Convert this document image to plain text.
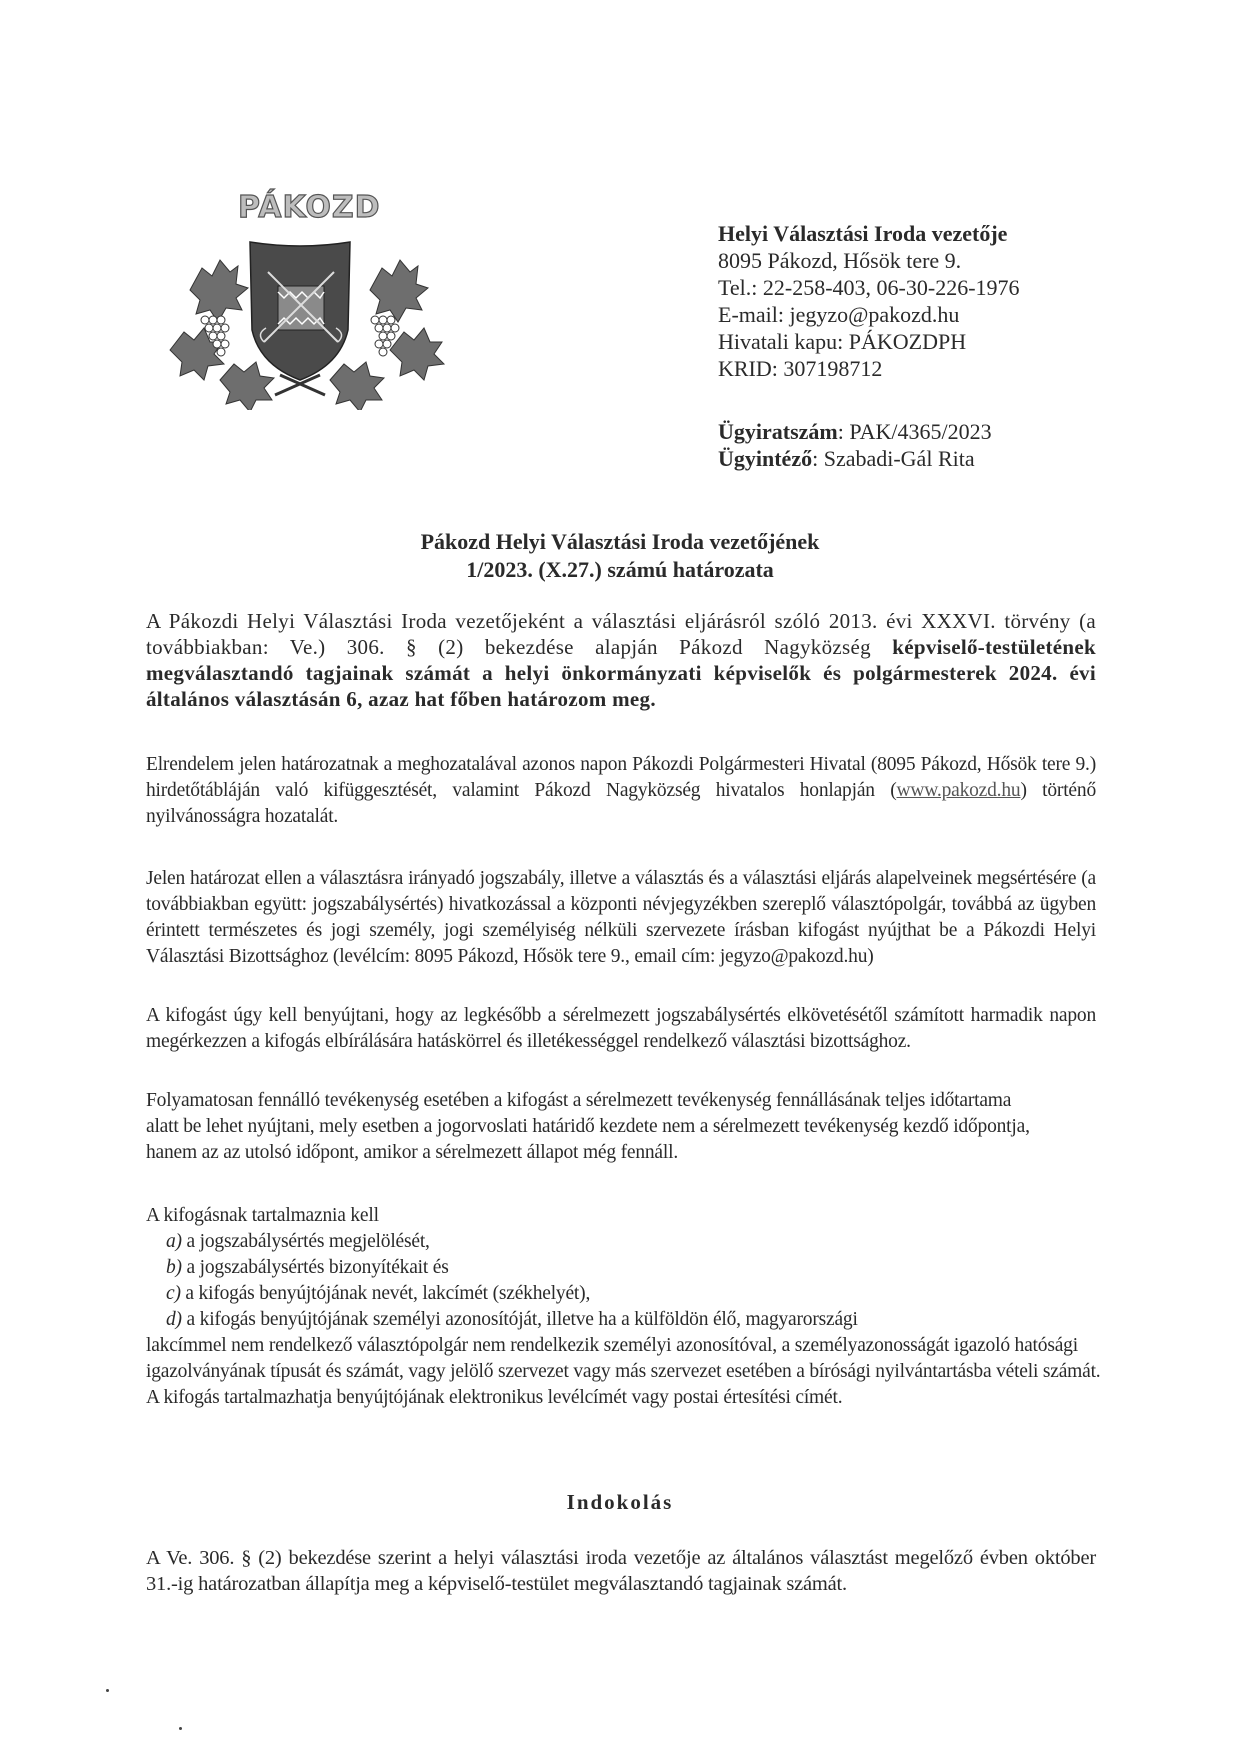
PÁKOZD
Helyi Választási Iroda vezetője
8095 Pákozd, Hősök tere 9.
Tel.: 22-258-403, 06-30-226-1976
E-mail: jegyzo@pakozd.hu
Hivatali kapu: PÁKOZDPH
KRID: 307198712
Ügyiratszám: PAK/4365/2023
Ügyintéző: Szabadi-Gál Rita
Pákozd Helyi Választási Iroda vezetőjének
1/2023. (X.27.) számú határozata
A Pákozdi Helyi Választási Iroda vezetőjeként a választási eljárásról szóló 2013. évi XXXVI. törvény (a továbbiakban: Ve.) 306. § (2) bekezdése alapján Pákozd Nagyközség képviselő-testületének megválasztandó tagjainak számát a helyi önkormányzati képviselők és polgármesterek 2024. évi általános választásán 6, azaz hat főben határozom meg.
Elrendelem jelen határozatnak a meghozatalával azonos napon Pákozdi Polgármesteri Hivatal (8095 Pákozd, Hősök tere 9.) hirdetőtábláján való kifüggesztését, valamint Pákozd Nagyközség hivatalos honlapján (www.pakozd.hu) történő nyilvánosságra hozatalát.
Jelen határozat ellen a választásra irányadó jogszabály, illetve a választás és a választási eljárás alapelveinek megsértésére (a továbbiakban együtt: jogszabálysértés) hivatkozással a központi névjegyzékben szereplő választópolgár, továbbá az ügyben érintett természetes és jogi személy, jogi személyiség nélküli szervezete írásban kifogást nyújthat be a Pákozdi Helyi Választási Bizottsághoz (levélcím: 8095 Pákozd, Hősök tere 9., email cím: jegyzo@pakozd.hu)
A kifogást úgy kell benyújtani, hogy az legkésőbb a sérelmezett jogszabálysértés elkövetésétől számított harmadik napon megérkezzen a kifogás elbírálására hatáskörrel és illetékességgel rendelkező választási bizottsághoz.
Folyamatosan fennálló tevékenység esetében a kifogást a sérelmezett tevékenység fennállásának teljes időtartama alatt be lehet nyújtani, mely esetben a jogorvoslati határidő kezdete nem a sérelmezett tevékenység kezdő időpontja, hanem az az utolsó időpont, amikor a sérelmezett állapot még fennáll.
A kifogásnak tartalmaznia kell
a) a jogszabálysértés megjelölését,
b) a jogszabálysértés bizonyítékait és
c) a kifogás benyújtójának nevét, lakcímét (székhelyét),
d) a kifogás benyújtójának személyi azonosítóját, illetve ha a külföldön élő, magyarországi
lakcímmel nem rendelkező választópolgár nem rendelkezik személyi azonosítóval, a személyazonosságát igazoló hatósági igazolványának típusát és számát, vagy jelölő szervezet vagy más szervezet esetében a bírósági nyilvántartásba vételi számát.
A kifogás tartalmazhatja benyújtójának elektronikus levélcímét vagy postai értesítési címét.
Indokolás
A Ve. 306. § (2) bekezdése szerint a helyi választási iroda vezetője az általános választást megelőző évben október 31.-ig határozatban állapítja meg a képviselő-testület megválasztandó tagjainak számát.
